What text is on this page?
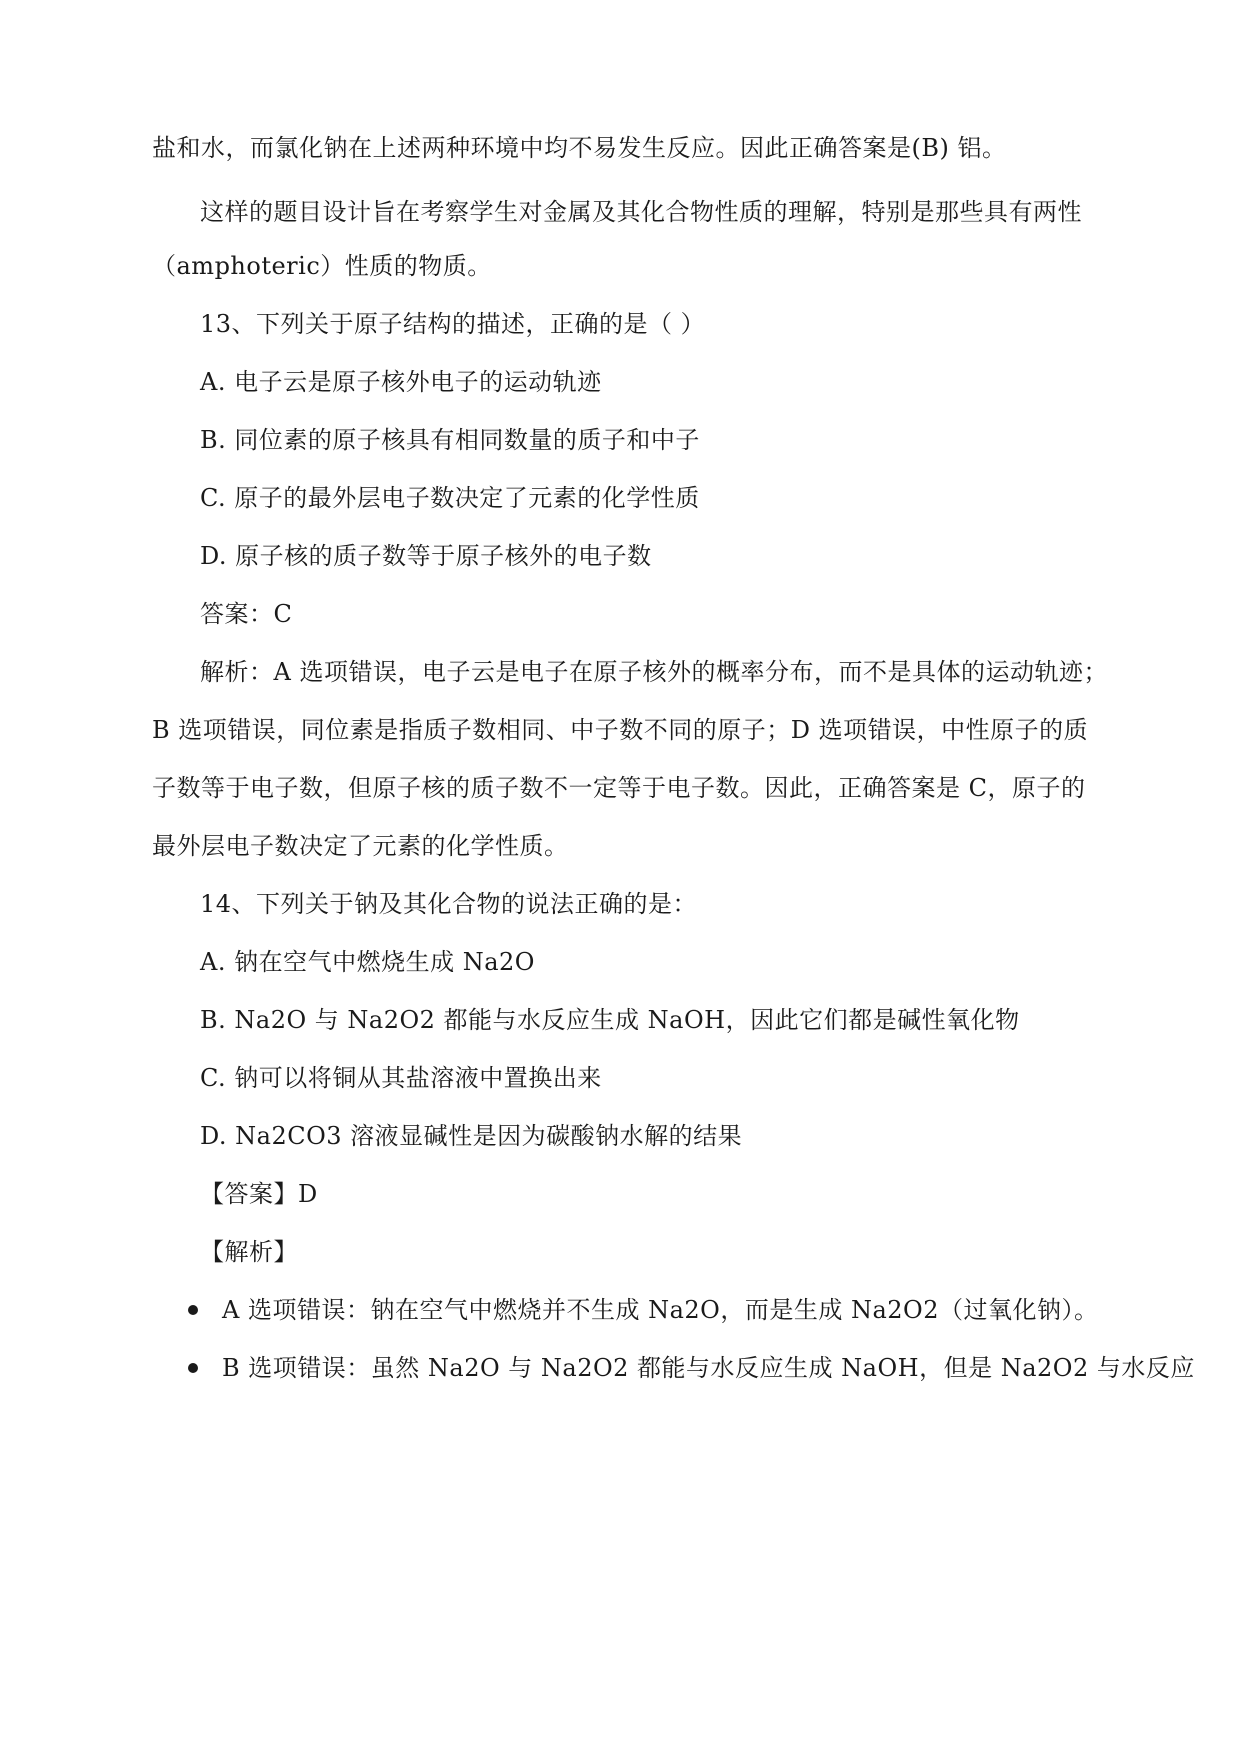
盐和水，而氯化钠在上述两种环境中均不易发生反应。因此正确答案是(B) 铝。
这样的题目设计旨在考察学生对金属及其化合物性质的理解，特别是那些具有两性
（amphoteric）性质的物质。
13、下列关于原子结构的描述，正确的是（ ）
A. 电子云是原子核外电子的运动轨迹
B. 同位素的原子核具有相同数量的质子和中子
C. 原子的最外层电子数决定了元素的化学性质
D. 原子核的质子数等于原子核外的电子数
答案：C
解析：A 选项错误，电子云是电子在原子核外的概率分布，而不是具体的运动轨迹；
B 选项错误，同位素是指质子数相同、中子数不同的原子；D 选项错误，中性原子的质
子数等于电子数，但原子核的质子数不一定等于电子数。因此，正确答案是 C，原子的
最外层电子数决定了元素的化学性质。
14、下列关于钠及其化合物的说法正确的是：
A. 钠在空气中燃烧生成 Na2O
B. Na2O 与 Na2O2 都能与水反应生成 NaOH，因此它们都是碱性氧化物
C. 钠可以将铜从其盐溶液中置换出来
D. Na2CO3 溶液显碱性是因为碳酸钠水解的结果
【答案】D
【解析】
A 选项错误：钠在空气中燃烧并不生成 Na2O，而是生成 Na2O2（过氧化钠）。
B 选项错误：虽然 Na2O 与 Na2O2 都能与水反应生成 NaOH，但是 Na2O2 与水反应
